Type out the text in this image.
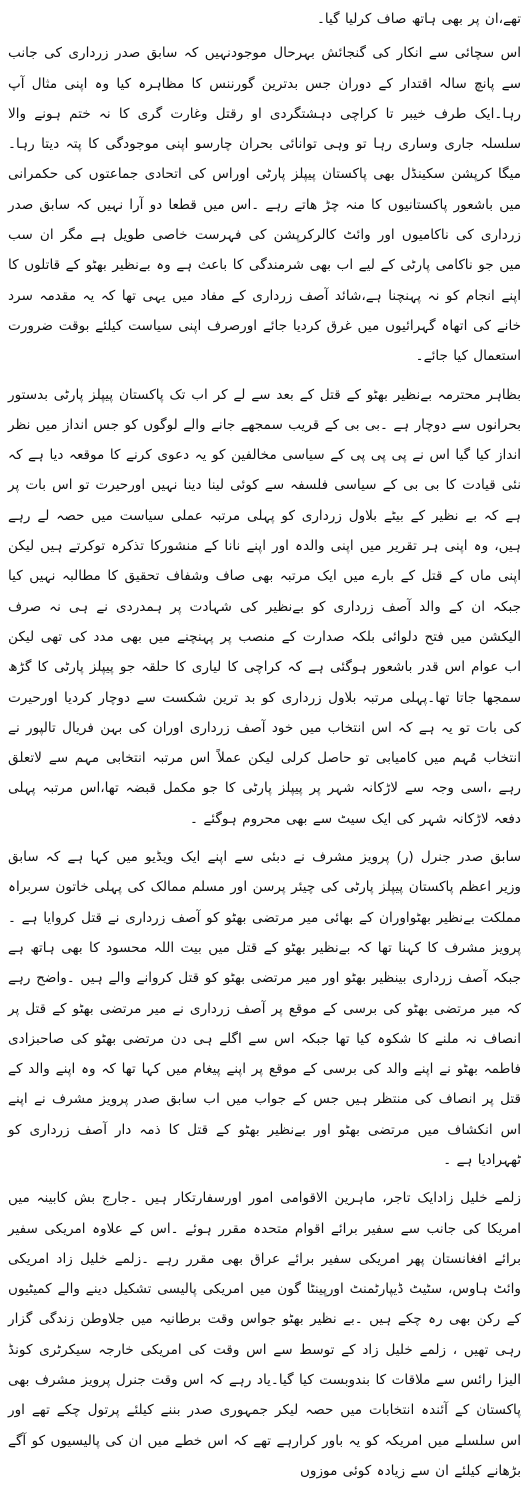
تھے،ان پر بھی ہاتھ صاف کرلیا گیا۔

اس سچائی سے انکار کی گنجائش بہرحال موجودنہیں کہ سابق صدر زرداری کی جانب سے پانچ سالہ اقتدار کے دوران جس بدترین گورننس کا مظاہرہ کیا وہ اپنی مثال آپ رہا۔ایک طرف خیبر تا کراچی دہشتگردی او رقتل وغارت گری کا نہ ختم ہونے والا سلسلہ جاری وساری رہا تو وہی توانائی بحران چارسو اپنی موجودگی کا پتہ دیتا رہا۔میگا کرپشن سکینڈل بھی پاکستان پیپلز پارٹی اوراس کی اتحادی جماعتوں کی حکمرانی میں باشعور پاکستانیوں کا منہ چڑ ھاتے رہے ۔اس میں قطعا دو آرا نہیں کہ سابق صدر زرداری کی ناکامیوں اور وائٹ کالرکرپشن کی فہرست خاصی طویل ہے مگر ان سب میں جو ناکامی پارٹی کے لیے اب بھی شرمندگی کا باعث ہے وہ بےنظیر بھٹو کے قاتلوں کا اپنے انجام کو نہ پہنچنا ہے،شائد آصف زرداری کے مفاد میں یہی تھا کہ یہ مقدمہ سرد خانے کی اتھاہ گہرائیوں میں غرق کردیا جائے اورصرف اپنی سیاست کیلئے بوقت ضرورت استعمال کیا جائے۔

بظاہر محترمہ بےنظیر بھٹو کے قتل کے بعد سے لے کر اب تک پاکستان پیپلز پارٹی بدستور بحرانوں سے دوچار ہے ۔بی بی کے قریب سمجھے جانے والے لوگوں کو جس انداز میں نظر انداز کیا گیا اس نے پی پی پی کے سیاسی مخالفین کو یہ دعوی کرنے کا موقعہ دیا ہے کہ نئی قیادت کا بی بی کے سیاسی فلسفہ سے کوئی لینا دینا نہیں اورحیرت تو اس بات پر ہے کہ بے نظیر کے بیٹے بلاول زرداری کو پہلی مرتبہ عملی سیاست میں حصہ لے رہے ہیں، وہ اپنی ہر تقریر میں اپنی والدہ اور اپنے نانا کے منشورکا تذکرہ توکرتے ہیں لیکن اپنی ماں کے قتل کے بارے میں ایک مرتبہ بھی صاف وشفاف تحقیق کا مطالبہ نہیں کیا جبکہ ان کے والد آصف زرداری کو بےنظیر کی شہادت پر ہمدردی نے ہی نہ صرف الیکشن میں فتح دلوائی بلکہ صدارت کے منصب پر پہنچنے میں بھی مدد کی تھی لیکن اب عوام اس قدر باشعور ہوگئی ہے کہ کراچی کا لیاری کا حلقہ جو پیپلز پارٹی کا گڑھ سمجھا جاتا تھا۔پہلی مرتبہ بلاول زرداری کو بد ترین شکست سے دوچار کردیا اورحیرت کی بات تو یہ ہے کہ اس انتخاب میں خود آصف زرداری اوران کی بہن فریال تالپور نے انتخاب مُہم میں کامیابی تو حاصل کرلی لیکن عملاً اس مرتبہ انتخابی مہم سے لاتعلق رہے ،اسی وجہ سے لاڑکانہ شہر پر پیپلز پارٹی کا جو مکمل قبضہ تھا،اس مرتبہ پہلی دفعہ لاڑکانہ شہر کی ایک سیٹ سے بھی محروم ہوگئے ۔

سابق صدر جنرل (ر) پرویز مشرف نے دبئی سے اپنے ایک ویڈیو میں کہا ہے کہ سابق وزیر اعظم پاکستان پیپلز پارٹی کی چیئر پرسن اور مسلم ممالک کی پہلی خاتون سربراہ مملکت بےنظیر بھٹواوران کے بھائی میر مرتضی بھٹو کو آصف زرداری نے قتل کروایا ہے ۔پرویز مشرف کا کہنا تھا کہ بےنظیر بھٹو کے قتل میں بیت اللہ محسود کا بھی ہاتھ ہے جبکہ آصف زرداری بینظیر بھٹو اور میر مرتضی بھٹو کو قتل کروانے والے ہیں ۔واضح رہے کہ میر مرتضی بھٹو کی برسی کے موقع پر آصف زرداری نے میر مرتضی بھٹو کے قتل پر انصاف نہ ملنے کا شکوہ کیا تھا جبکہ اس سے اگلے ہی دن مرتضی بھٹو کی صاحبزادی فاطمہ بھٹو نے اپنے والد کی برسی کے موقع پر اپنے پیغام میں کہا تھا کہ وہ اپنے والد کے قتل پر انصاف کی منتظر ہیں جس کے جواب میں اب سابق صدر پرویز مشرف نے اپنے اس انکشاف میں مرتضی بھٹو اور بےنظیر بھٹو کے قتل کا ذمہ دار آصف زرداری کو ٹھہرادیا ہے ۔

زلمے خلیل زادایک تاجر، ماہرین الاقوامی امور اورسفارتکار ہیں ۔جارج بش کابینہ میں امریکا کی جانب سے سفیر برائے اقوام متحدہ مقرر ہوئے ۔اس کے علاوہ امریکی سفیر برائے افغانستان پھر امریکی سفیر برائے عراق بھی مقرر رہے ۔زلمے خلیل زاد امریکی وائٹ ہاوس، سٹیٹ ڈیپارٹمنٹ اورپینٹا گون میں امریکی پالیسی تشکیل دینے والے کمیٹیوں کے رکن بھی رہ چکے ہیں ۔بے نظیر بھٹو جواس وقت برطانیہ میں جلاوطن زندگی گزار رہی تھیں ، زلمے خلیل زاد کے توسط سے اس وقت کی امریکی خارجہ سیکرٹری کونڈ الیزا رائس سے ملاقات کا بندوبست کیا گیا۔یاد رہے کہ اس وقت جنرل پرویز مشرف بھی پاکستان کے آئندہ انتخابات میں حصہ لیکر جمہوری صدر بننے کیلئے پرتول چکے تھے اور اس سلسلے میں امریکہ کو یہ باور کرارہے تھے کہ اس خطے میں ان کی پالیسیوں کو آگے بڑھانے کیلئے ان سے زیادہ کوئی موزوں
